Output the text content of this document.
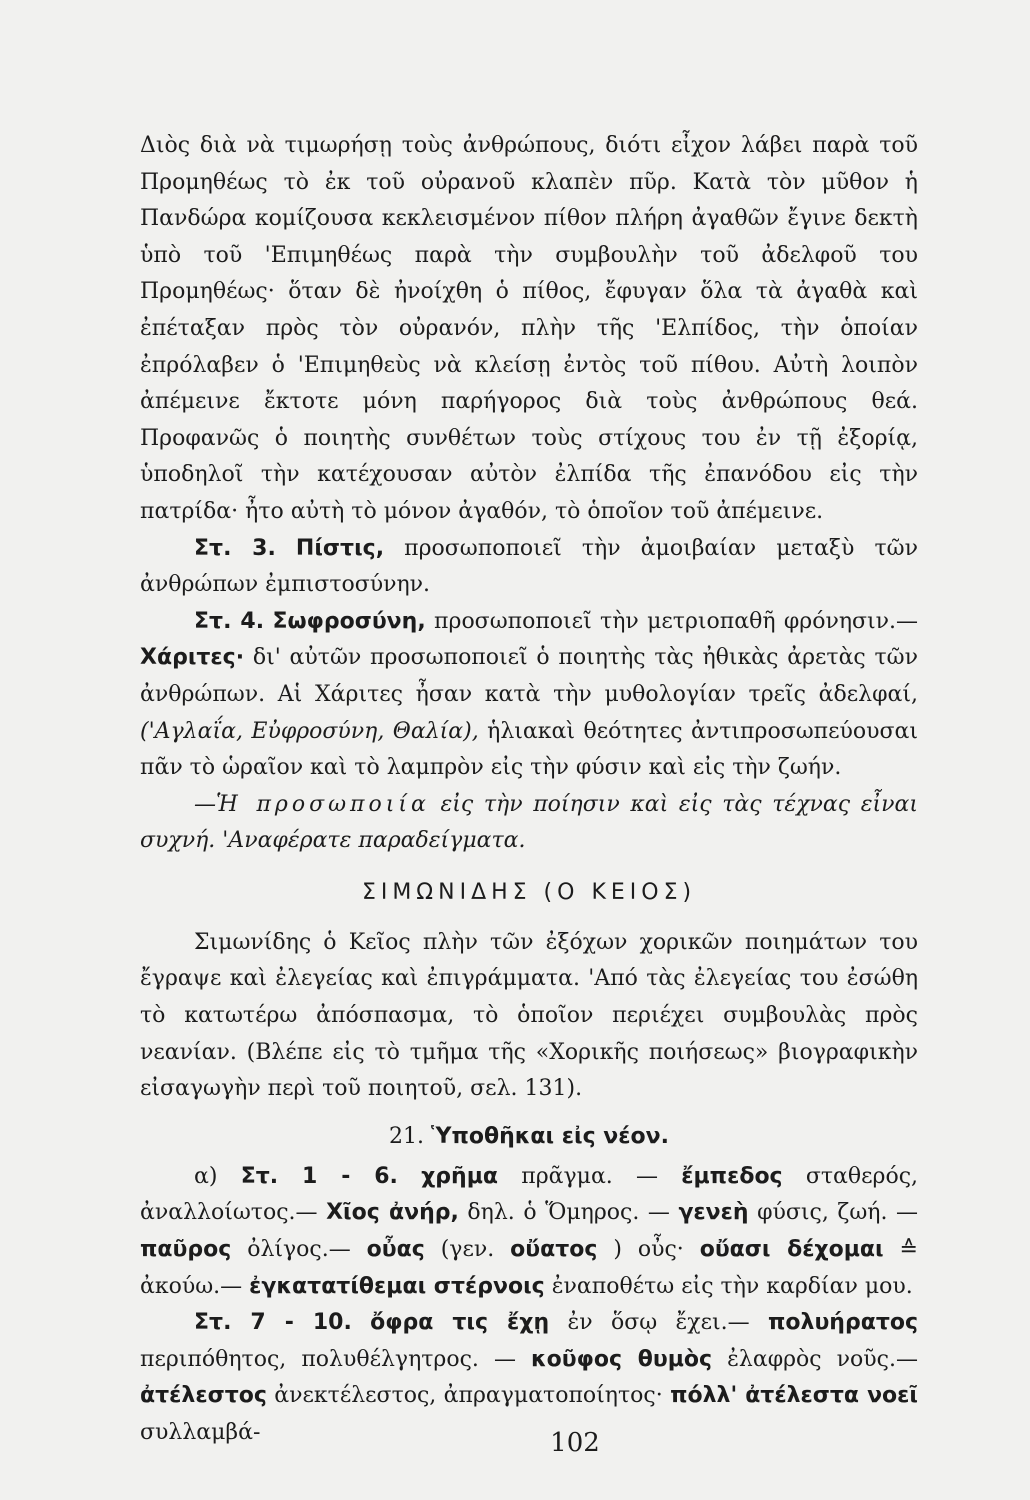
Διὸς διὰ νὰ τιμωρήσῃ τοὺς ἀνθρώπους, διότι εἶχον λάβει παρὰ τοῦ Προμηθέως τὸ ἐκ τοῦ οὐρανοῦ κλαπὲν πῦρ. Κατὰ τὸν μῦθον ἡ Πανδώρα κομίζουσα κεκλεισμένον πίθον πλήρη ἀγαθῶν ἔγινε δεκτὴ ὑπὸ τοῦ 'Επιμηθέως παρὰ τὴν συμβουλὴν τοῦ ἀδελφοῦ του Προμηθέως· ὅταν δὲ ἠνοίχθη ὁ πίθος, ἔφυγαν ὅλα τὰ ἀγαθὰ καὶ ἐπέταξαν πρὸς τὸν οὐρανόν, πλὴν τῆς 'Ελπίδος, τὴν ὁποίαν ἐπρόλαβεν ὁ 'Επιμηθεὺς νὰ κλείσῃ ἐντὸς τοῦ πίθου. Αὐτὴ λοιπὸν ἀπέμεινε ἔκτοτε μόνη παρήγορος διὰ τοὺς ἀνθρώπους θεά. Προφανῶς ὁ ποιητὴς συνθέτων τοὺς στίχους του ἐν τῇ ἐξορίᾳ, ὑποδηλοῖ τὴν κατέχουσαν αὐτὸν ἐλπίδα τῆς ἐπανόδου εἰς τὴν πατρίδα· ἦτο αὐτὴ τὸ μόνον ἀγαθόν, τὸ ὁποῖον τοῦ ἀπέμεινε.

Στ. 3. Πίστις, προσωποποιεῖ τὴν ἀμοιβαίαν μεταξὺ τῶν ἀνθρώπων ἐμπιστοσύνην.

Στ. 4. Σωφροσύνη, προσωποποιεῖ τὴν μετριοπαθῆ φρόνησιν.— Χάριτες· δι' αὐτῶν προσωποποιεῖ ὁ ποιητὴς τὰς ἠθικὰς ἀρετὰς τῶν ἀνθρώπων. Αἱ Χάριτες ἦσαν κατὰ τὴν μυθολογίαν τρεῖς ἀδελφαί, ('Αγλαΐα, Εὐφροσύνη, Θαλία), ἡλιακαὶ θεότητες ἀντιπροσωπεύουσαι πᾶν τὸ ὡραῖον καὶ τὸ λαμπρὸν εἰς τὴν φύσιν καὶ εἰς τὴν ζωήν.

—Ἡ προσωποιία εἰς τὴν ποίησιν καὶ εἰς τὰς τέχνας εἶναι συχνή. 'Αναφέρατε παραδείγματα.

ΣΙΜΩΝΙΔΗΣ (Ο ΚΕΙΟΣ)

Σιμωνίδης ὁ Κεῖος πλὴν τῶν ἐξόχων χορικῶν ποιημάτων του ἔγραψε καὶ ἐλεγείας καὶ ἐπιγράμματα. 'Από τὰς ἐλεγείας του ἐσώθη τὸ κατωτέρω ἀπόσπασμα, τὸ ὁποῖον περιέχει συμβουλὰς πρὸς νεανίαν. (Βλέπε εἰς τὸ τμῆμα τῆς «Χορικῆς ποιήσεως» βιογραφικὴν εἰσαγωγὴν περὶ τοῦ ποιητοῦ, σελ. 131).

21. Ὑποθῆκαι εἰς νέον.

α) Στ. 1 - 6. χρῆμα πρᾶγμα. — ἔμπεδος σταθερός, ἀναλλοίωτος.— Χῖος ἀνήρ, δηλ. ὁ Ὅμηρος. — γενεὴ φύσις, ζωή. — παῦρος ὀλίγος.— οὖας (γεν. οὔατος ) οὖς· οὔασι δέχομαι ≙ ἀκούω.— ἐγκατατίθεμαι στέρνοις ἐναποθέτω εἰς τὴν καρδίαν μου.

Στ. 7 - 10. ὄφρα τις ἔχῃ ἐν ὅσῳ ἔχει.— πολυήρατος περιπόθητος, πολυθέλγητρος. — κοῦφος θυμὸς ἐλαφρὸς νοῦς.— ἀτέλεστος ἀνεκτέλεστος, ἀπραγματοποίητος· πόλλ' ἀτέλεστα νοεῖ συλλαμβά-	102
